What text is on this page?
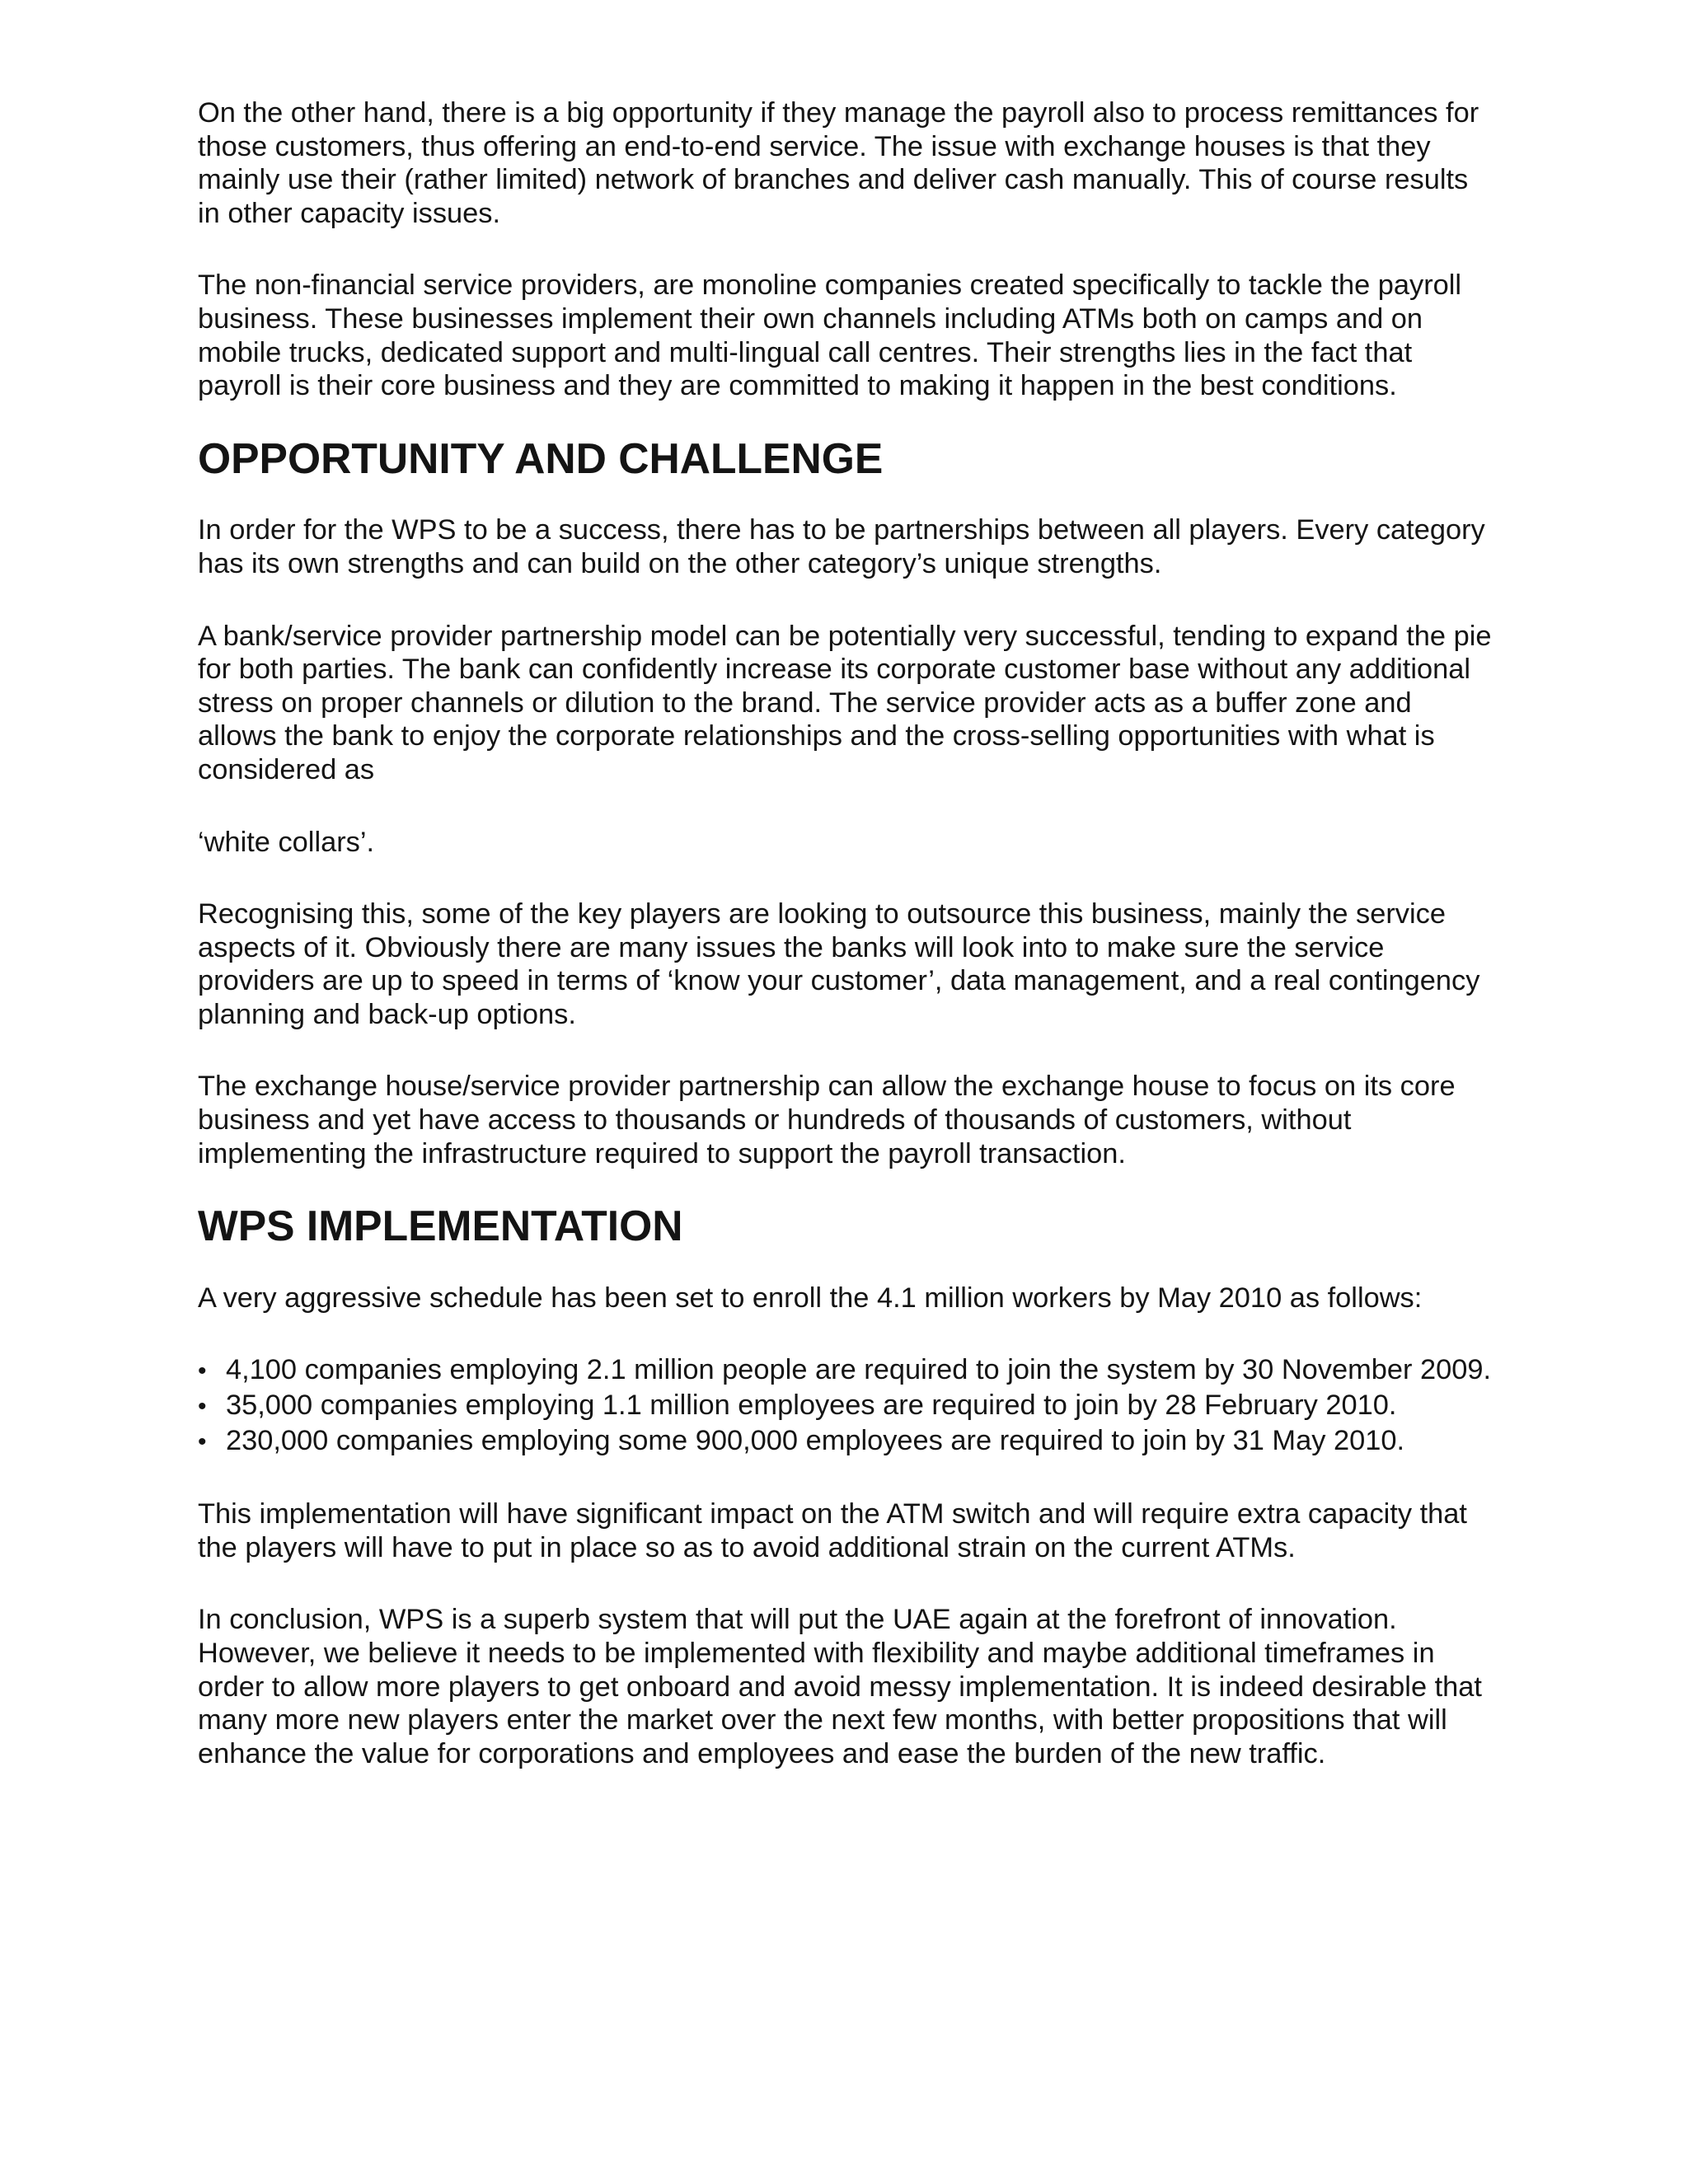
On the other hand, there is a big opportunity if they manage the payroll also to process remittances for those customers, thus offering an end-to-end service. The issue with exchange houses is that they mainly use their (rather limited) network of branches and deliver cash manually. This of course results in other capacity issues.

The non-financial service providers, are monoline companies created specifically to tackle the payroll business. These businesses implement their own channels including ATMs both on camps and on mobile trucks, dedicated support and multi-lingual call centres. Their strengths lies in the fact that payroll is their core business and they are committed to making it happen in the best conditions.

OPPORTUNITY AND CHALLENGE

In order for the WPS to be a success, there has to be partnerships between all players. Every category has its own strengths and can build on the other category’s unique strengths.

A bank/service provider partnership model can be potentially very successful, tending to expand the pie for both parties. The bank can confidently increase its corporate customer base without any additional stress on proper channels or dilution to the brand. The service provider acts as a buffer zone and allows the bank to enjoy the corporate relationships and the cross-selling opportunities with what is considered as

‘white collars’.

Recognising this, some of the key players are looking to outsource this business, mainly the service aspects of it. Obviously there are many issues the banks will look into to make sure the service providers are up to speed in terms of ‘know your customer’, data management, and a real contingency planning and back-up options.

The exchange house/service provider partnership can allow the exchange house to focus on its core business and yet have access to thousands or hundreds of thousands of customers, without implementing the infrastructure required to support the payroll transaction.

WPS IMPLEMENTATION

A very aggressive schedule has been set to enroll the 4.1 million workers by May 2010 as follows:

• 4,100 companies employing 2.1 million people are required to join the system by 30 November 2009.
• 35,000 companies employing 1.1 million employees are required to join by 28 February 2010.
• 230,000 companies employing some 900,000 employees are required to join by 31 May 2010.

This implementation will have significant impact on the ATM switch and will require extra capacity that the players will have to put in place so as to avoid additional strain on the current ATMs.

In conclusion, WPS is a superb system that will put the UAE again at the forefront of innovation. However, we believe it needs to be implemented with flexibility and maybe additional timeframes in order to allow more players to get onboard and avoid messy implementation. It is indeed desirable that many more new players enter the market over the next few months, with better propositions that will enhance the value for corporations and employees and ease the burden of the new traffic.
